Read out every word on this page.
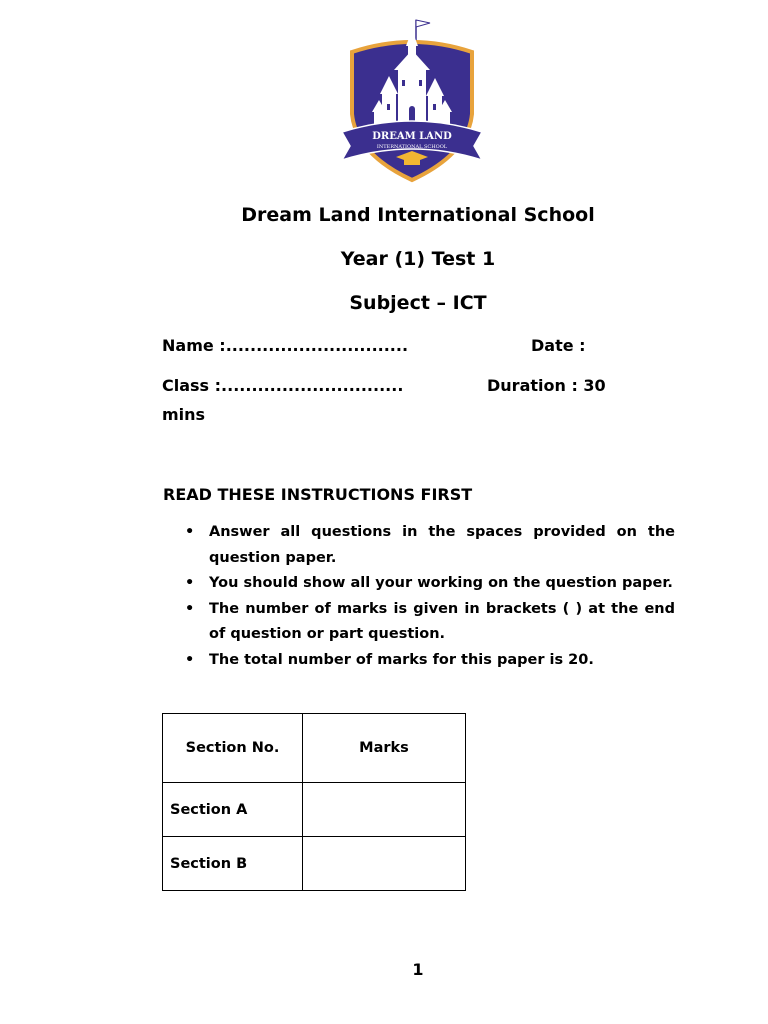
DREAM LAND
INTERNATIONAL SCHOOL
Dream Land International School
Year (1) Test 1
Subject – ICT
Name :..............................	Date :
Class :..............................	Duration : 30
mins
READ THESE INSTRUCTIONS FIRST
• Answer all questions in the spaces provided on the question paper.
• You should show all your working on the question paper.
• The number of marks is given in brackets ( ) at the end of question or part question.
• The total number of marks for this paper is 20.
Section No.	Marks
Section A	
Section B	
1
